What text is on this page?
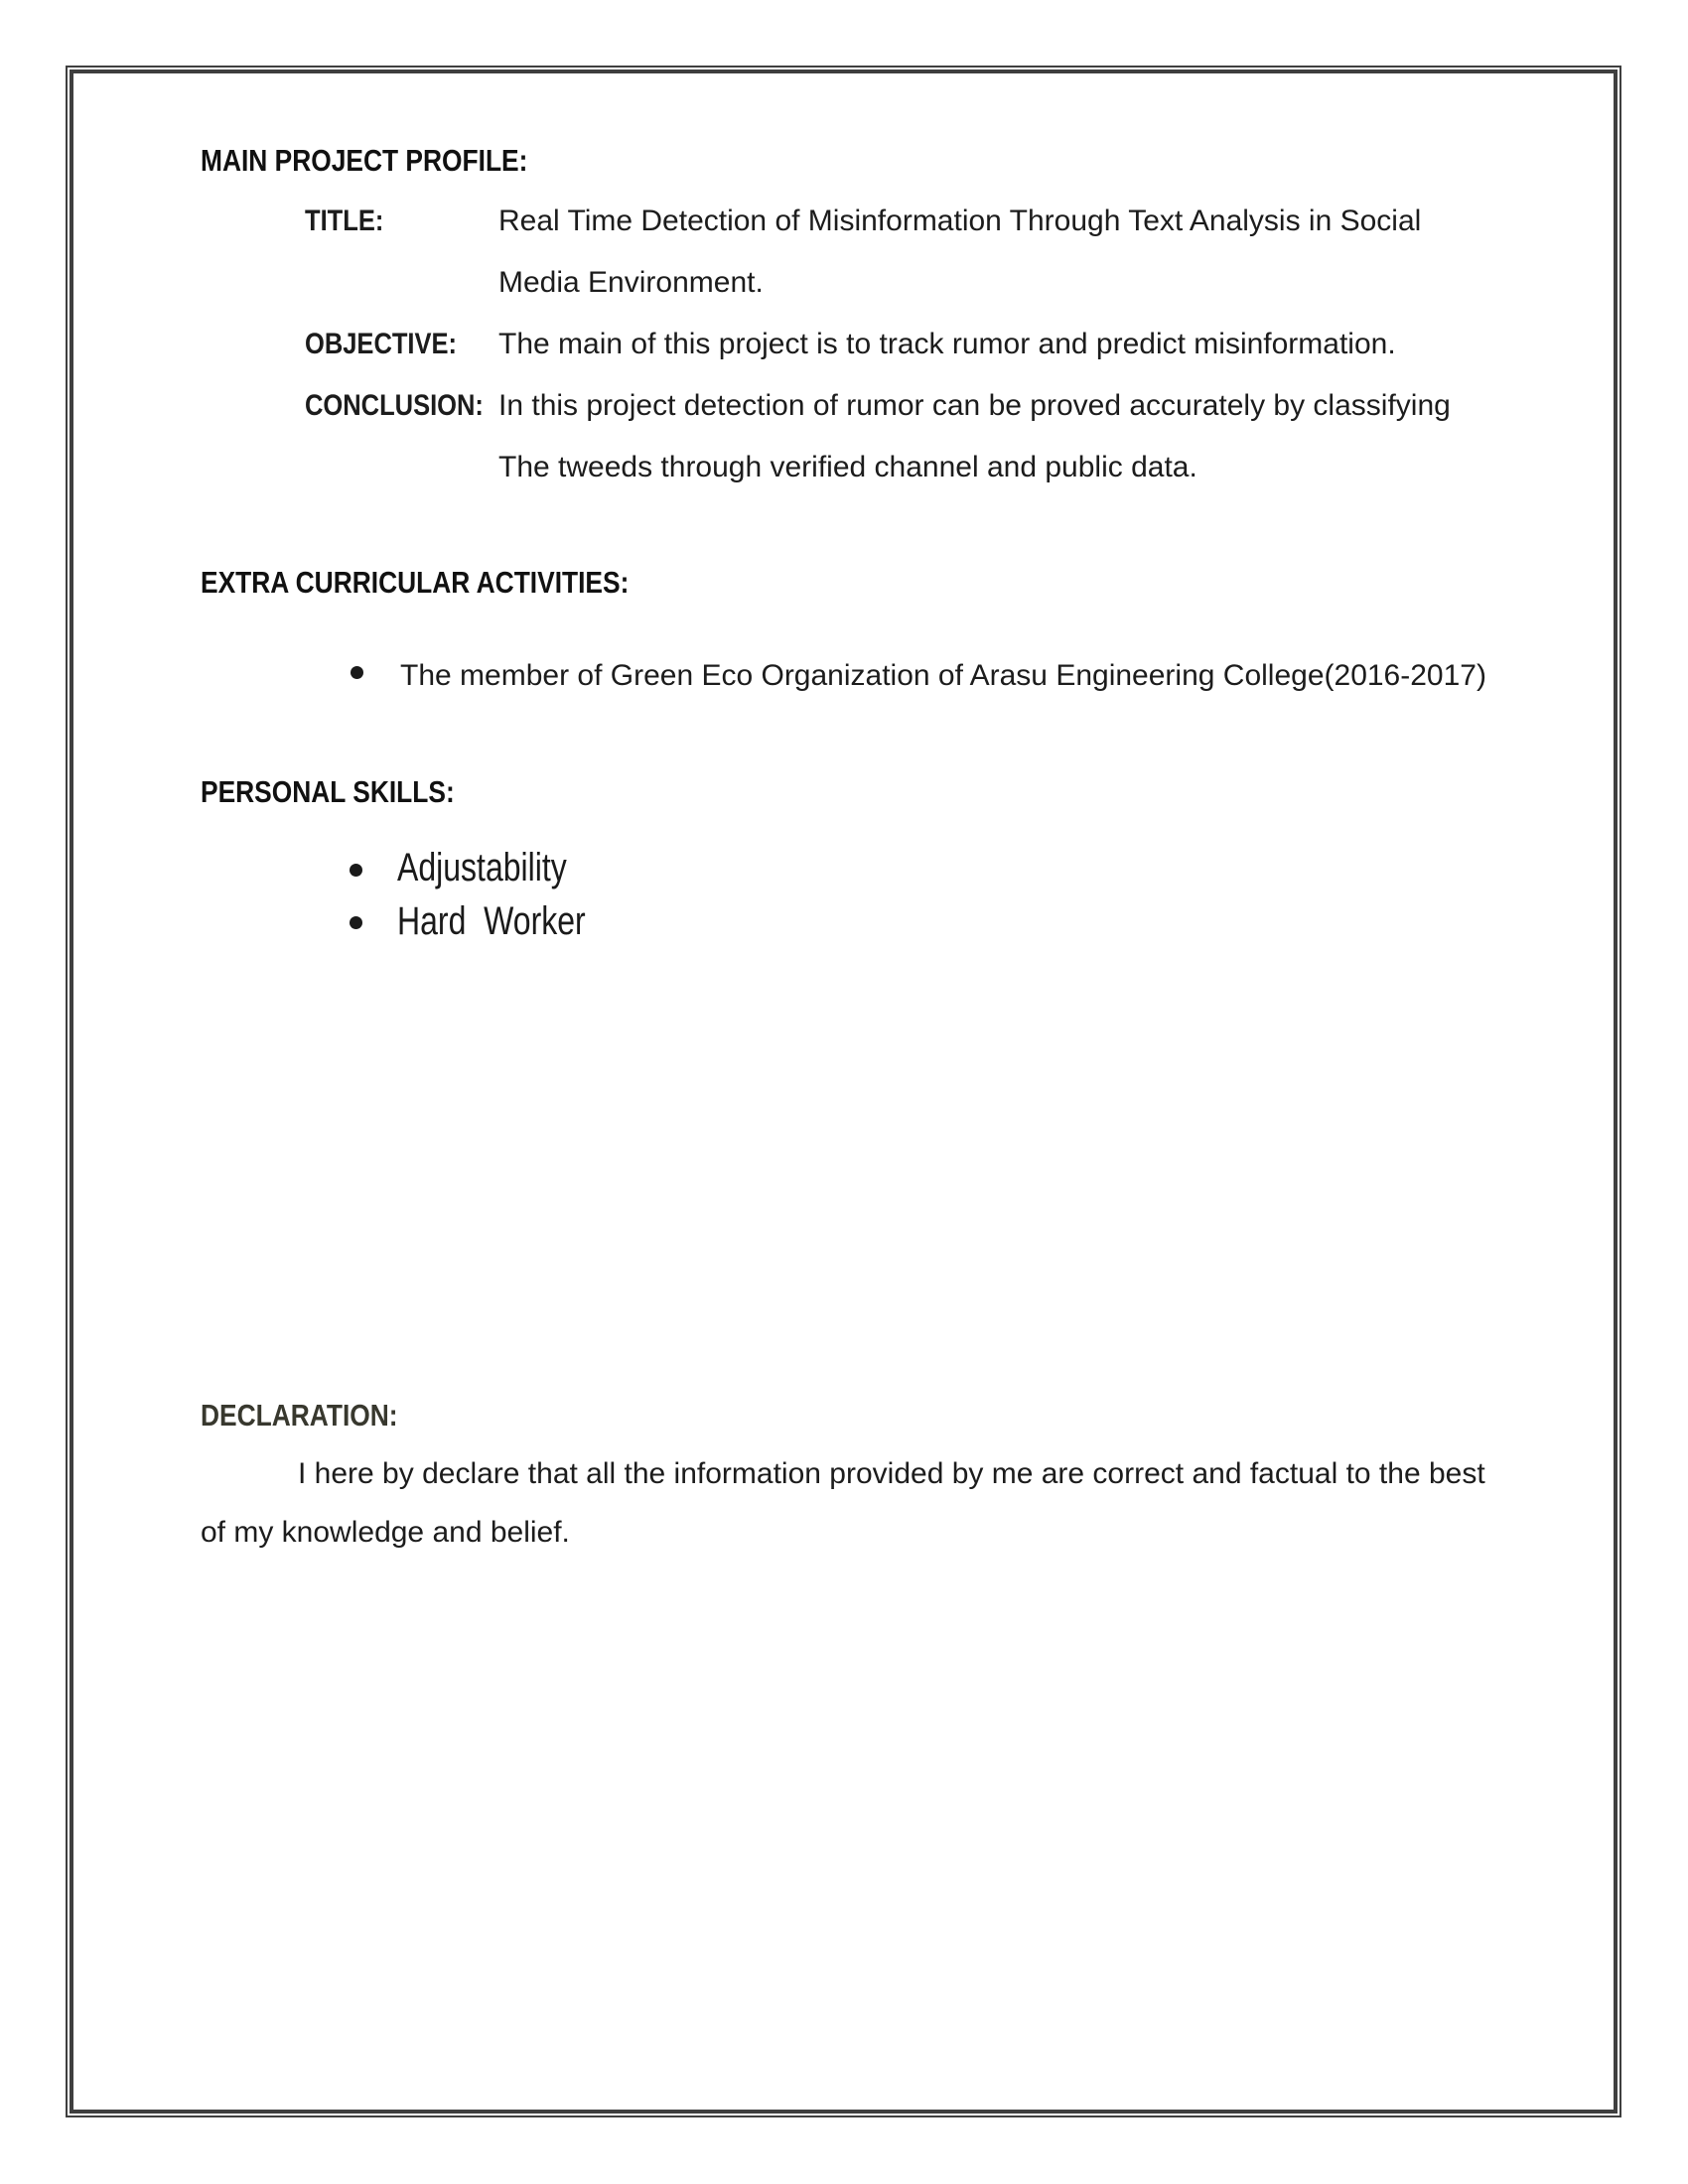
MAIN PROJECT PROFILE:
TITLE:	Real Time Detection of Misinformation Through Text Analysis in Social
Media Environment.
OBJECTIVE:	The main of this project is to track rumor and predict misinformation.
CONCLUSION: In this project detection of rumor can be proved accurately by classifying
The tweeds through verified channel and public data.
EXTRA CURRICULAR ACTIVITIES:
The member of Green Eco Organization of Arasu Engineering College(2016-2017)
PERSONAL SKILLS:
Adjustability
Hard  Worker
DECLARATION:
I here by declare that all the information provided by me are correct and factual to the best
of my knowledge and belief.
